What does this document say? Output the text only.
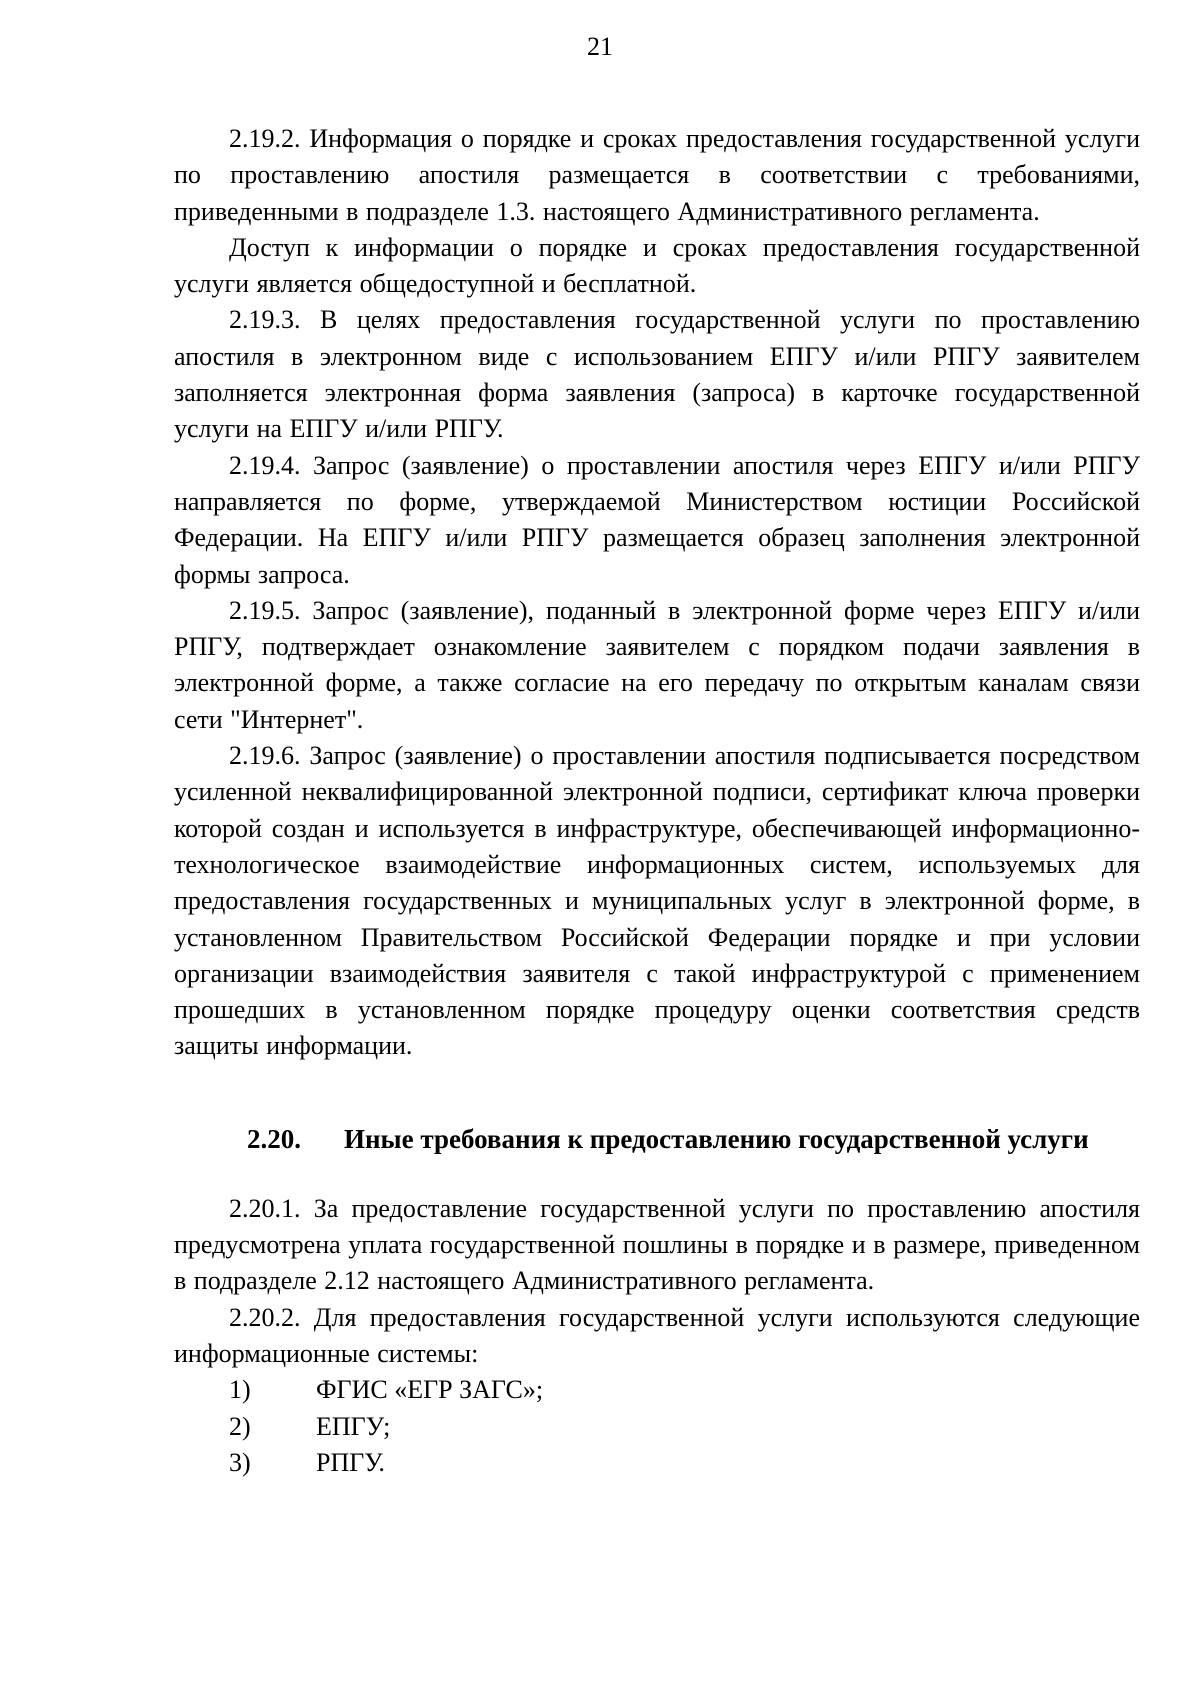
21

2.19.2. Информация о порядке и сроках предоставления государственной услуги по проставлению апостиля размещается в соответствии с требованиями, приведенными в подразделе 1.3. настоящего Административного регламента.

Доступ к информации о порядке и сроках предоставления государственной услуги является общедоступной и бесплатной.

2.19.3. В целях предоставления государственной услуги по проставлению апостиля в электронном виде с использованием ЕПГУ и/или РПГУ заявителем заполняется электронная форма заявления (запроса) в карточке государственной услуги на ЕПГУ и/или РПГУ.

2.19.4. Запрос (заявление) о проставлении апостиля через ЕПГУ и/или РПГУ направляется по форме, утверждаемой Министерством юстиции Российской Федерации. На ЕПГУ и/или РПГУ размещается образец заполнения электронной формы запроса.

2.19.5. Запрос (заявление), поданный в электронной форме через ЕПГУ и/или РПГУ, подтверждает ознакомление заявителем с порядком подачи заявления в электронной форме, а также согласие на его передачу по открытым каналам связи сети "Интернет".

2.19.6. Запрос (заявление) о проставлении апостиля подписывается посредством усиленной неквалифицированной электронной подписи, сертификат ключа проверки которой создан и используется в инфраструктуре, обеспечивающей информационно-технологическое взаимодействие информационных систем, используемых для предоставления государственных и муниципальных услуг в электронной форме, в установленном Правительством Российской Федерации порядке и при условии организации взаимодействия заявителя с такой инфраструктурой с применением прошедших в установленном порядке процедуру оценки соответствия средств защиты информации.

2.20. Иные требования к предоставлению государственной услуги

2.20.1. За предоставление государственной услуги по проставлению апостиля предусмотрена уплата государственной пошлины в порядке и в размере, приведенном в подразделе 2.12 настоящего Административного регламента.

2.20.2. Для предоставления государственной услуги используются следующие информационные системы:

1)	ФГИС «ЕГР ЗАГС»;
2)	ЕПГУ;
3)	РПГУ.
